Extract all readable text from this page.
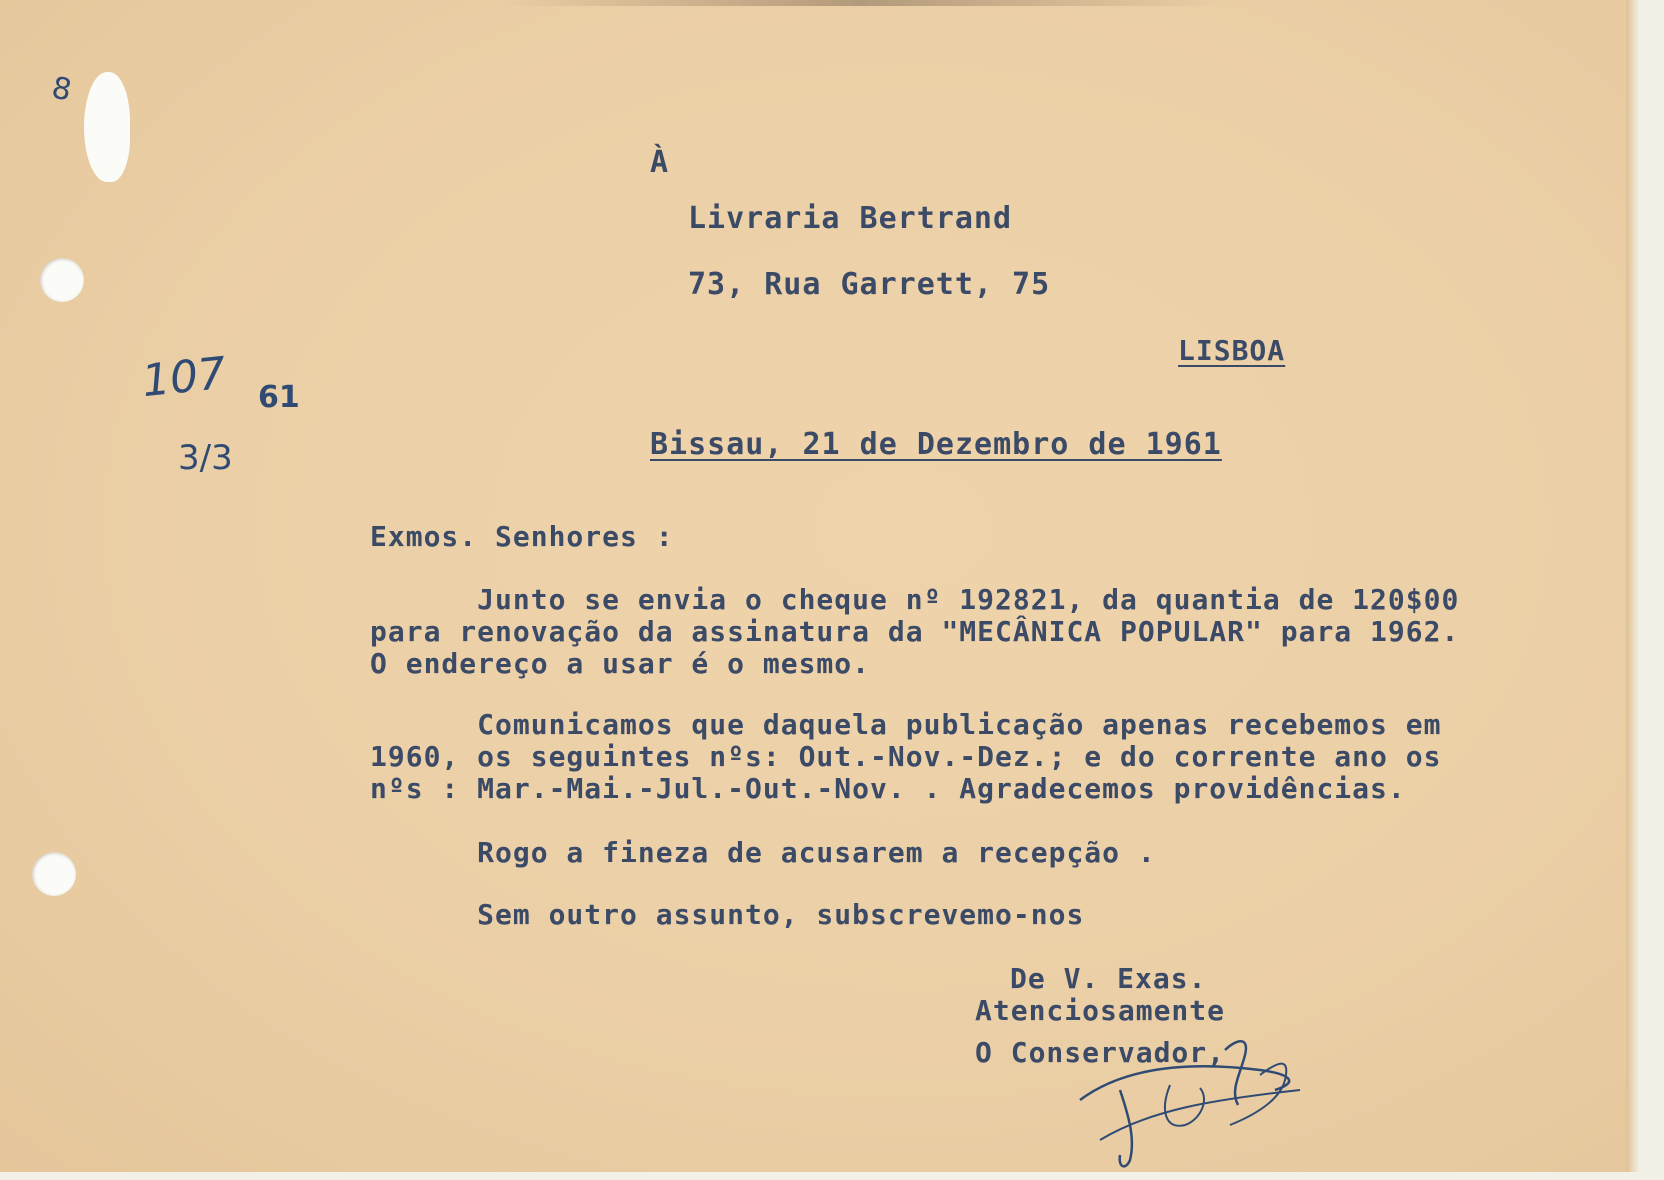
8
107 61
3/3
À
Livraria Bertrand
73, Rua Garrett, 75
LISBOA
Bissau, 21 de Dezembro de 1961
Exmos. Senhores :
Junto se envia o cheque nº 192821, da quantia de 120$00
para renovação da assinatura da "MECÂNICA POPULAR" para 1962.
O endereço a usar é o mesmo.
Comunicamos que daquela publicação apenas recebemos em
1960, os seguintes nºs: Out.-Nov.-Dez.; e do corrente ano os
nºs : Mar.-Mai.-Jul.-Out.-Nov. . Agradecemos providências.
Rogo a fineza de acusarem a recepção .
Sem outro assunto, subscrevemo-nos
De V. Exas.
Atenciosamente
O Conservador,
